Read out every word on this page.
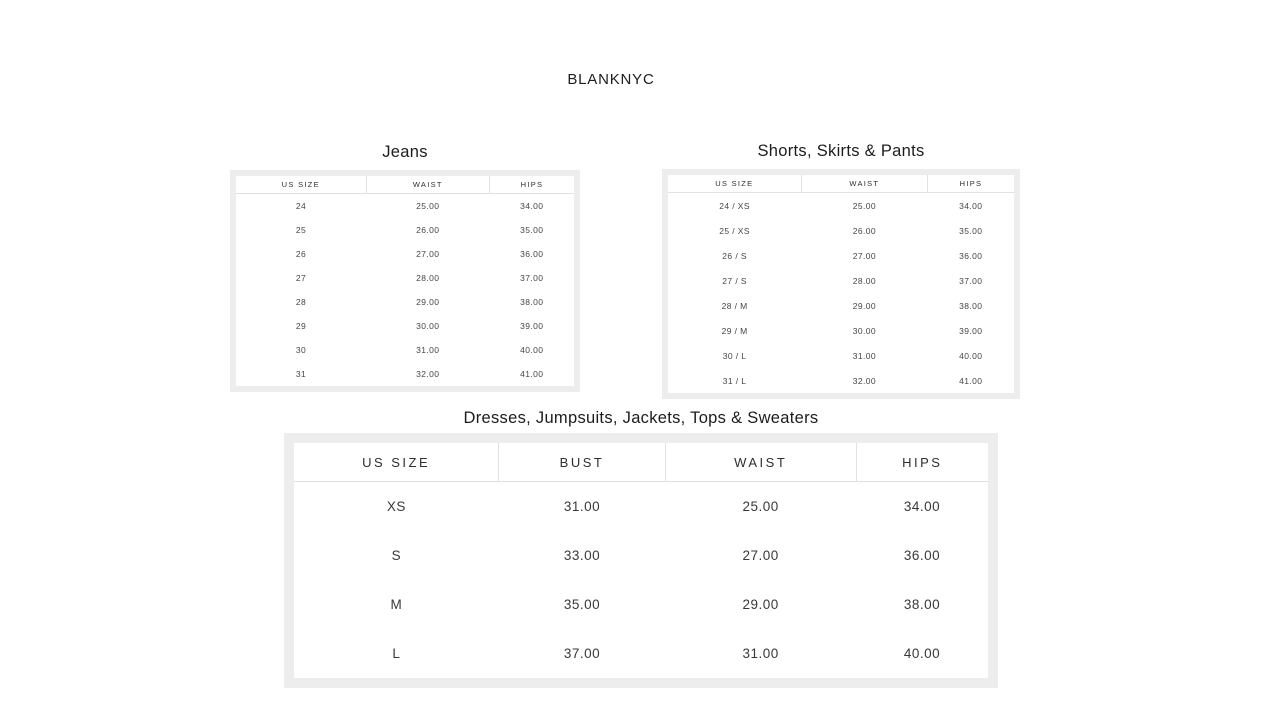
BLANKNYC
Jeans
US SIZE	WAIST	HIPS
24	25.00	34.00
25	26.00	35.00
26	27.00	36.00
27	28.00	37.00
28	29.00	38.00
29	30.00	39.00
30	31.00	40.00
31	32.00	41.00
Shorts, Skirts & Pants
US SIZE	WAIST	HIPS
24 / XS	25.00	34.00
25 / XS	26.00	35.00
26 / S	27.00	36.00
27 / S	28.00	37.00
28 / M	29.00	38.00
29 / M	30.00	39.00
30 / L	31.00	40.00
31 / L	32.00	41.00
Dresses, Jumpsuits, Jackets, Tops & Sweaters
US SIZE	BUST	WAIST	HIPS
XS	31.00	25.00	34.00
S	33.00	27.00	36.00
M	35.00	29.00	38.00
L	37.00	31.00	40.00
